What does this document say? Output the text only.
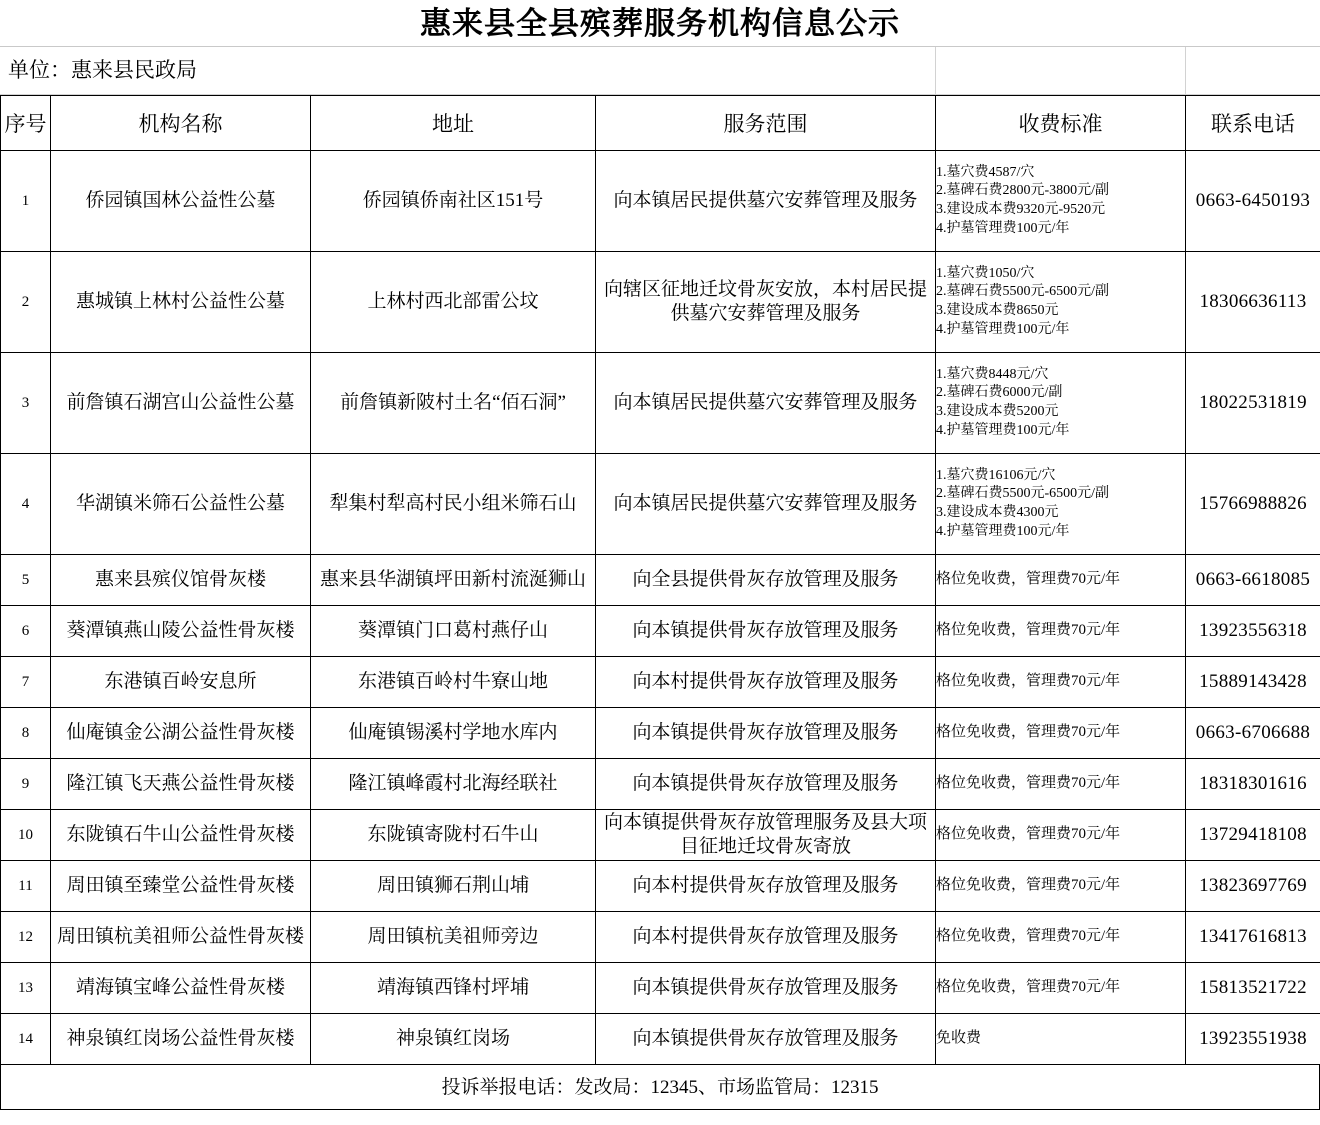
惠来县全县殡葬服务机构信息公示
单位：惠来县民政局
序号	机构名称	地址	服务范围	收费标准	联系电话
1	侨园镇国林公益性公墓	侨园镇侨南社区151号	向本镇居民提供墓穴安葬管理及服务	1.墓穴费4587/穴
2.墓碑石费2800元-3800元/副
3.建设成本费9320元-9520元
4.护墓管理费100元/年	0663-6450193
2	惠城镇上林村公益性公墓	上林村西北部雷公坟	向辖区征地迁坟骨灰安放，本村居民提供墓穴安葬管理及服务	1.墓穴费1050/穴
2.墓碑石费5500元-6500元/副
3.建设成本费8650元
4.护墓管理费100元/年	18306636113
3	前詹镇石湖宫山公益性公墓	前詹镇新陂村土名“佰石洞”	向本镇居民提供墓穴安葬管理及服务	1.墓穴费8448元/穴
2.墓碑石费6000元/副
3.建设成本费5200元
4.护墓管理费100元/年	18022531819
4	华湖镇米筛石公益性公墓	犁集村犁高村民小组米筛石山	向本镇居民提供墓穴安葬管理及服务	1.墓穴费16106元/穴
2.墓碑石费5500元-6500元/副
3.建设成本费4300元
4.护墓管理费100元/年	15766988826
5	惠来县殡仪馆骨灰楼	惠来县华湖镇坪田新村流涎狮山	向全县提供骨灰存放管理及服务	格位免收费，管理费70元/年	0663-6618085
6	葵潭镇燕山陵公益性骨灰楼	葵潭镇门口葛村燕仔山	向本镇提供骨灰存放管理及服务	格位免收费，管理费70元/年	13923556318
7	东港镇百岭安息所	东港镇百岭村牛寮山地	向本村提供骨灰存放管理及服务	格位免收费，管理费70元/年	15889143428
8	仙庵镇金公湖公益性骨灰楼	仙庵镇锡溪村学地水库内	向本镇提供骨灰存放管理及服务	格位免收费，管理费70元/年	0663-6706688
9	隆江镇飞天燕公益性骨灰楼	隆江镇峰霞村北海经联社	向本镇提供骨灰存放管理及服务	格位免收费，管理费70元/年	18318301616
10	东陇镇石牛山公益性骨灰楼	东陇镇寄陇村石牛山	向本镇提供骨灰存放管理服务及县大项目征地迁坟骨灰寄放	格位免收费，管理费70元/年	13729418108
11	周田镇至臻堂公益性骨灰楼	周田镇狮石荆山埔	向本村提供骨灰存放管理及服务	格位免收费，管理费70元/年	13823697769
12	周田镇杭美祖师公益性骨灰楼	周田镇杭美祖师旁边	向本村提供骨灰存放管理及服务	格位免收费，管理费70元/年	13417616813
13	靖海镇宝峰公益性骨灰楼	靖海镇西锋村坪埔	向本镇提供骨灰存放管理及服务	格位免收费，管理费70元/年	15813521722
14	神泉镇红岗场公益性骨灰楼	神泉镇红岗场	向本镇提供骨灰存放管理及服务	免收费	13923551938
投诉举报电话：发改局：12345、市场监管局：12315
